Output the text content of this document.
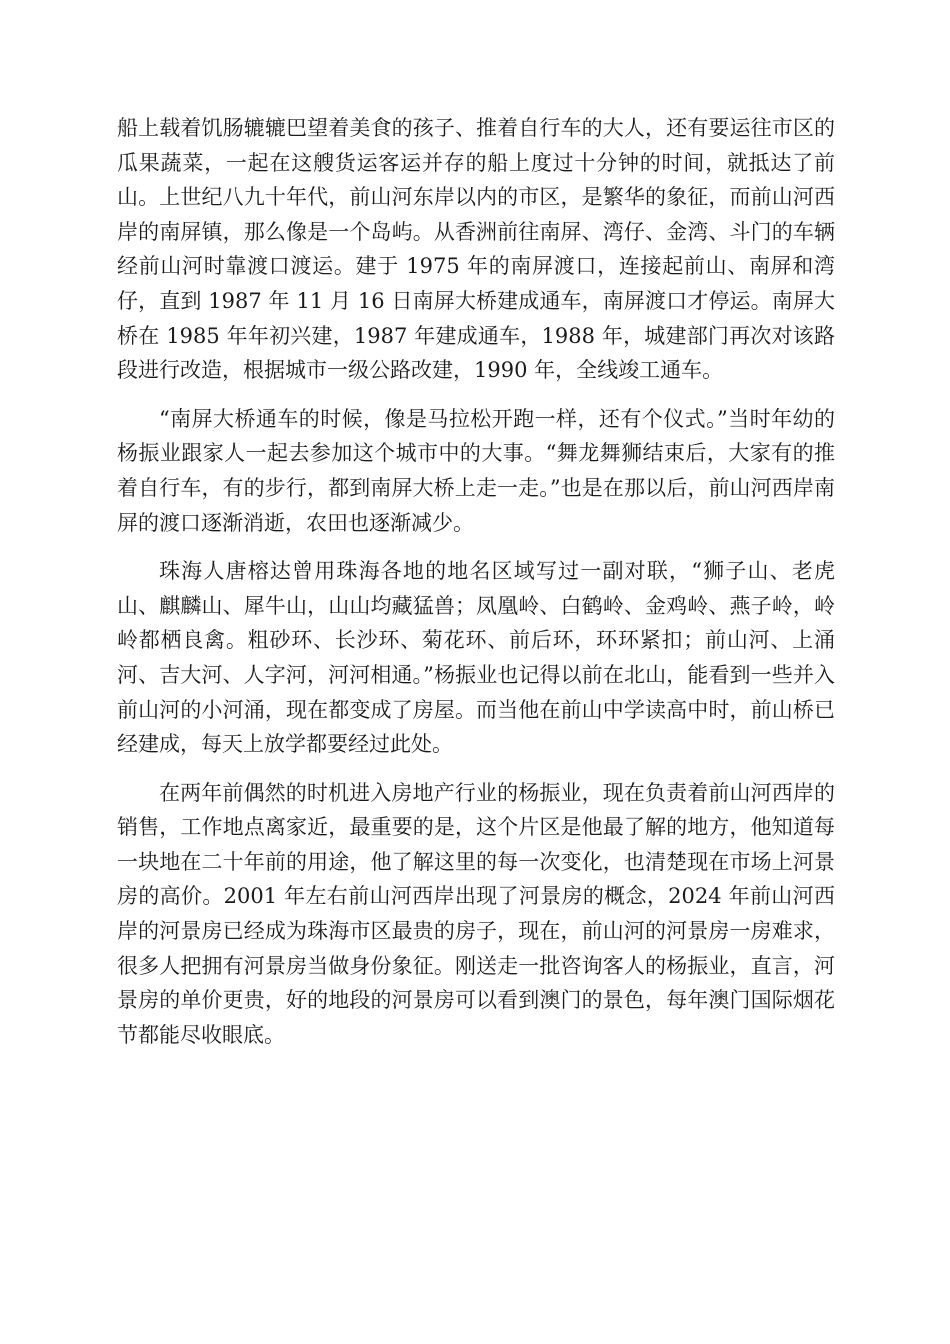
船上载着饥肠辘辘巴望着美食的孩子、推着自行车的大人，还有要运往市区的瓜果蔬菜，一起在这艘货运客运并存的船上度过十分钟的时间，就抵达了前山。上世纪八九十年代，前山河东岸以内的市区，是繁华的象征，而前山河西岸的南屏镇，那么像是一个岛屿。从香洲前往南屏、湾仔、金湾、斗门的车辆经前山河时靠渡口渡运。建于 1975 年的南屏渡口，连接起前山、南屏和湾仔，直到 1987 年 11 月 16 日南屏大桥建成通车，南屏渡口才停运。南屏大桥在 1985 年年初兴建，1987 年建成通车，1988 年，城建部门再次对该路段进行改造，根据城市一级公路改建，1990 年，全线竣工通车。

“南屏大桥通车的时候，像是马拉松开跑一样，还有个仪式。”当时年幼的杨振业跟家人一起去参加这个城市中的大事。“舞龙舞狮结束后，大家有的推着自行车，有的步行，都到南屏大桥上走一走。”也是在那以后，前山河西岸南屏的渡口逐渐消逝，农田也逐渐减少。

珠海人唐榕达曾用珠海各地的地名区域写过一副对联，“狮子山、老虎山、麒麟山、犀牛山，山山均藏猛兽；凤凰岭、白鹤岭、金鸡岭、燕子岭，岭岭都栖良禽。粗砂环、长沙环、菊花环、前后环，环环紧扣；前山河、上涌河、吉大河、人字河，河河相通。”杨振业也记得以前在北山，能看到一些并入前山河的小河涌，现在都变成了房屋。而当他在前山中学读高中时，前山桥已经建成，每天上放学都要经过此处。

在两年前偶然的时机进入房地产行业的杨振业，现在负责着前山河西岸的销售，工作地点离家近，最重要的是，这个片区是他最了解的地方，他知道每一块地在二十年前的用途，他了解这里的每一次变化，也清楚现在市场上河景房的高价。2001 年左右前山河西岸出现了河景房的概念，2024 年前山河西岸的河景房已经成为珠海市区最贵的房子，现在，前山河的河景房一房难求，很多人把拥有河景房当做身份象征。刚送走一批咨询客人的杨振业，直言，河景房的单价更贵，好的地段的河景房可以看到澳门的景色，每年澳门国际烟花节都能尽收眼底。
